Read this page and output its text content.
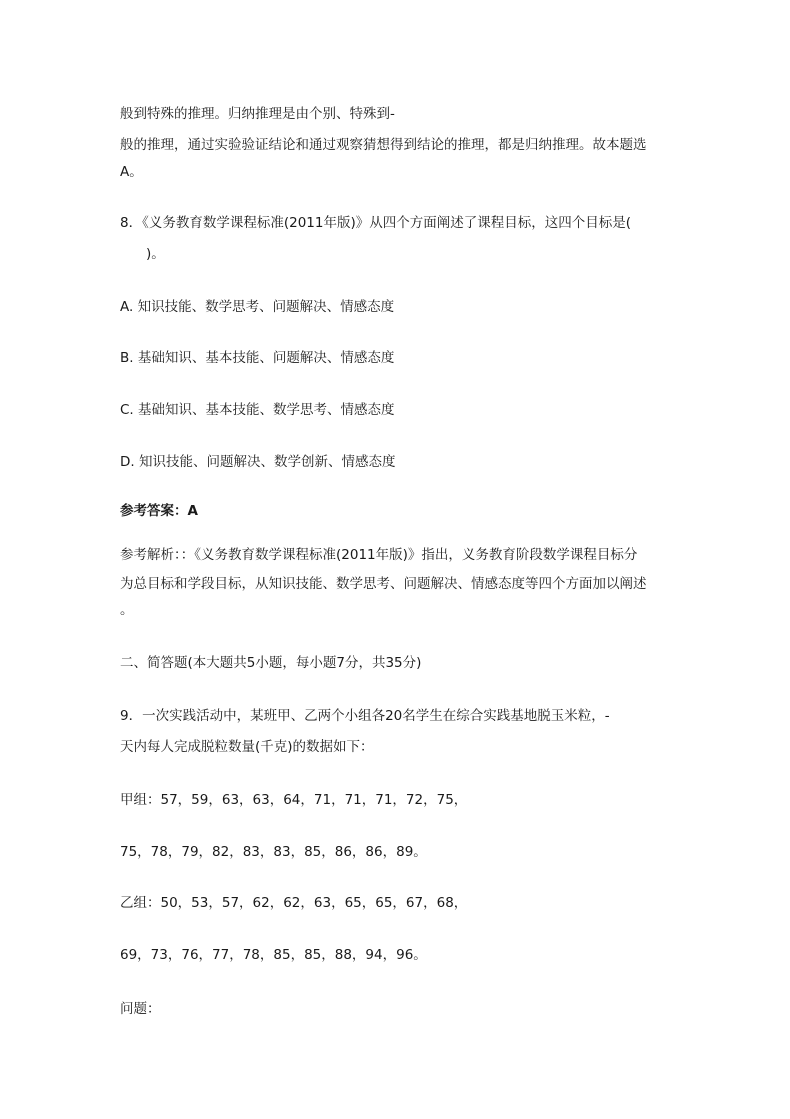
般到特殊的推理。归纳推理是由个别、特殊到-
般的推理，通过实验验证结论和通过观察猜想得到结论的推理，都是归纳推理。故本题选
A。
8．《义务教育数学课程标准(2011年版)》从四个方面阐述了课程目标，这四个目标是(
)。
A. 知识技能、数学思考、问题解决、情感态度
B. 基础知识、基本技能、问题解决、情感态度
C. 基础知识、基本技能、数学思考、情感态度
D. 知识技能、问题解决、数学创新、情感态度
参考答案：A
参考解析：：《义务教育数学课程标准(2011年版)》指出，义务教育阶段数学课程目标分
为总目标和学段目标，从知识技能、数学思考、问题解决、情感态度等四个方面加以阐述
。
二、简答题(本大题共5小题，每小题7分，共35分)
9．一次实践活动中，某班甲、乙两个小组各20名学生在综合实践基地脱玉米粒，-
天内每人完成脱粒数量(千克)的数据如下：
甲组：57，59，63，63，64，71，71，71，72，75，
75，78，79，82，83，83，85，86，86，89。
乙组：50，53，57，62，62，63，65，65，67，68，
69，73，76，77，78，85，85，88，94，96。
问题：
